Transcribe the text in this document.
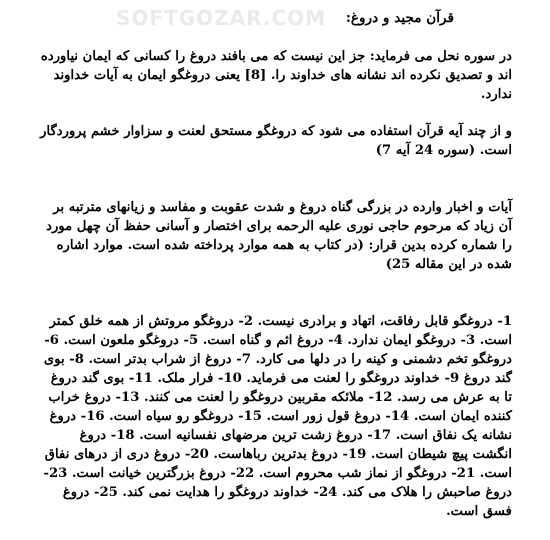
SOFTGOZAR.COM	قرآن مجید و دروغ:

در سوره نحل می فرماید: جز این نیست که می بافند دروغ را کسانی که ایمان نیاورده اند و تصدیق نکرده اند نشانه های خداوند را. [8] یعنی دروغگو ایمان به آیات خداوند ندارد.

و از چند آیه قرآن استفاده می شود که دروغگو مستحق لعنت و سزاوار خشم پروردگار است. (سوره 24 آیه 7)

آیات و اخبار وارده در بزرگی گناه دروغ و شدت عقوبت و مفاسد و زیانهای مترتبه بر آن زیاد که مرحوم حاجی نوری علیه الرحمه برای اختصار و آسانی حفظ آن چهل مورد را شماره کرده بدین قرار: (در کتاب به همه موارد پرداخته شده است. موارد اشاره شده در این مقاله 25)

1- دروغگو قابل رفاقت، اتهاد و برادری نیست. 2- دروغگو مروتش از همه خلق کمتر است. 3- دروغگو ایمان ندارد. 4- دروغ اثم و گناه است. 5- دروغگو ملعون است. 6- دروغگو تخم دشمنی و کینه را در دلها می کارد. 7- دروغ از شراب بدتر است. 8- بوی گند دروغ 9- خداوند دروغگو را لعنت می فرماید. 10- فرار ملک. 11- بوی گند دروغ تا به عرش می رسد. 12- ملائکه مقربین دروغگو را لعنت می کنند. 13- دروغ خراب کننده ایمان است. 14- دروغ قول زور است. 15- دروغگو رو سیاه است. 16- دروغ نشانه یک نفاق است. 17- دروغ زشت ترین مرضهای نفسانیه است. 18- دروغ انگشت پیچ شیطان است. 19- دروغ بدترین رباهاست. 20- دروغ دری از درهای نفاق است. 21- دروغگو از نماز شب محروم است. 22- دروغ بزرگترین خیانت است. 23- دروغ صاحبش را هلاک می کند. 24- خداوند دروغگو را هدایت نمی کند. 25- دروغ فسق است.
